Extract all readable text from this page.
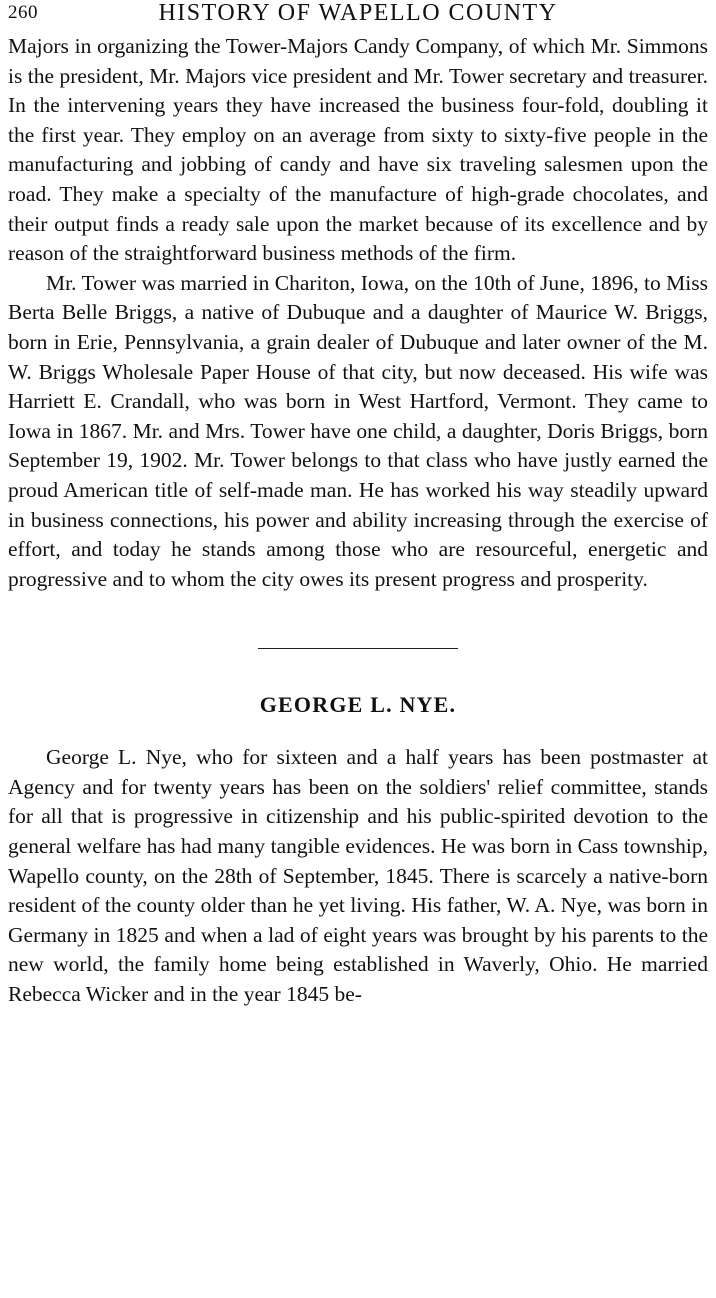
260	HISTORY OF WAPELLO COUNTY

Majors in organizing the Tower-Majors Candy Company, of which Mr. Simmons is the president, Mr. Majors vice president and Mr. Tower secretary and treasurer. In the intervening years they have increased the business four-fold, doubling it the first year. They employ on an average from sixty to sixty-five people in the manufacturing and jobbing of candy and have six traveling salesmen upon the road. They make a specialty of the manufacture of high-grade chocolates, and their output finds a ready sale upon the market because of its excellence and by reason of the straightforward business methods of the firm.

Mr. Tower was married in Chariton, Iowa, on the 10th of June, 1896, to Miss Berta Belle Briggs, a native of Dubuque and a daughter of Maurice W. Briggs, born in Erie, Pennsylvania, a grain dealer of Dubuque and later owner of the M. W. Briggs Wholesale Paper House of that city, but now deceased. His wife was Harriett E. Crandall, who was born in West Hartford, Vermont. They came to Iowa in 1867. Mr. and Mrs. Tower have one child, a daughter, Doris Briggs, born September 19, 1902. Mr. Tower belongs to that class who have justly earned the proud American title of self-made man. He has worked his way steadily upward in business connections, his power and ability increasing through the exercise of effort, and today he stands among those who are resourceful, energetic and progressive and to whom the city owes its present progress and prosperity.

GEORGE L. NYE.

George L. Nye, who for sixteen and a half years has been postmaster at Agency and for twenty years has been on the soldiers' relief committee, stands for all that is progressive in citizenship and his public-spirited devotion to the general welfare has had many tangible evidences. He was born in Cass township, Wapello county, on the 28th of September, 1845. There is scarcely a native-born resident of the county older than he yet living. His father, W. A. Nye, was born in Germany in 1825 and when a lad of eight years was brought by his parents to the new world, the family home being established in Waverly, Ohio. He married Rebecca Wicker and in the year 1845 be-
